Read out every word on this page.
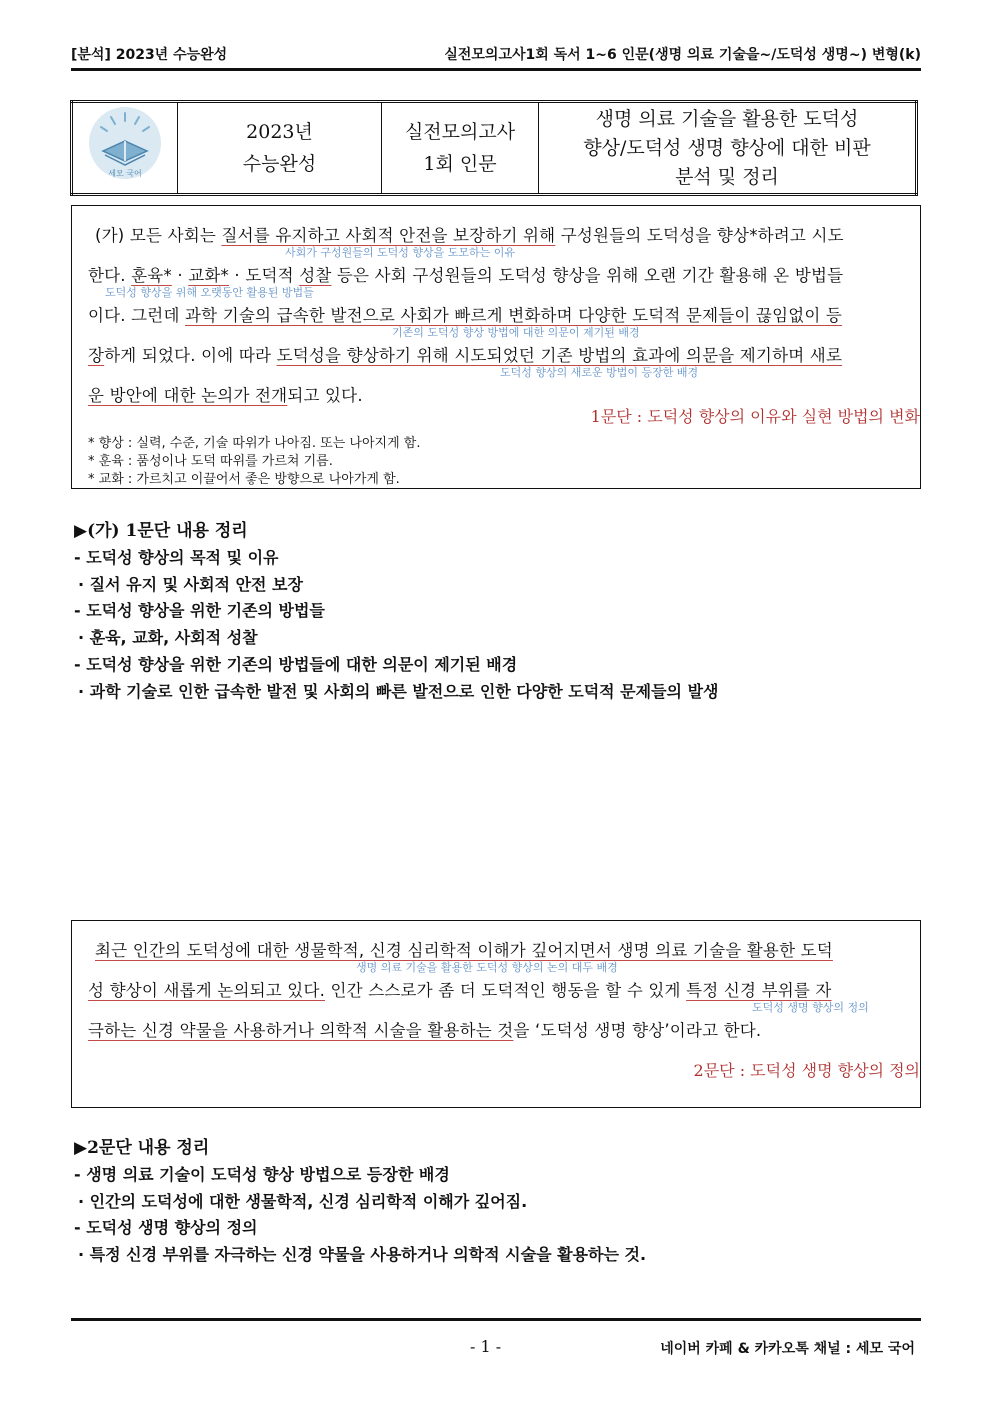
[분석] 2023년 수능완성	실전모의고사1회 독서 1~6 인문(생명 의료 기술을~/도덕성 생명~) 변형(k)
세모 국어

2023년
수능완성

실전모의고사
1회 인문

생명 의료 기술을 활용한 도덕성
향상/도덕성 생명 향상에 대한 비판
분석 및 정리
(가) 모든 사회는 질서를 유지하고 사회적 안전을 보장하기 위해 구성원들의 도덕성을 향상*하려고 시도
사회가 구성원들의 도덕성 향상을 도모하는 이유
한다. 훈육* · 교화* · 도덕적 성찰 등은 사회 구성원들의 도덕성 향상을 위해 오랜 기간 활용해 온 방법들
도덕성 향상을 위해 오랫동안 활용된 방법들
이다. 그런데 과학 기술의 급속한 발전으로 사회가 빠르게 변화하며 다양한 도덕적 문제들이 끊임없이 등
기존의 도덕성 향상 방법에 대한 의문이 제기된 배경
장하게 되었다. 이에 따라 도덕성을 향상하기 위해 시도되었던 기존 방법의 효과에 의문을 제기하며 새로
도덕성 향상의 새로운 방법이 등장한 배경
운 방안에 대한 논의가 전개되고 있다.
1문단 : 도덕성 향상의 이유와 실현 방법의 변화
* 향상 : 실력, 수준, 기술 따위가 나아짐. 또는 나아지게 함.
* 훈육 : 품성이나 도덕 따위를 가르쳐 기름.
* 교화 : 가르치고 이끌어서 좋은 방향으로 나아가게 함.
▶(가) 1문단 내용 정리
- 도덕성 향상의 목적 및 이유
· 질서 유지 및 사회적 안전 보장
- 도덕성 향상을 위한 기존의 방법들
· 훈육, 교화, 사회적 성찰
- 도덕성 향상을 위한 기존의 방법들에 대한 의문이 제기된 배경
· 과학 기술로 인한 급속한 발전 및 사회의 빠른 발전으로 인한 다양한 도덕적 문제들의 발생
최근 인간의 도덕성에 대한 생물학적, 신경 심리학적 이해가 깊어지면서 생명 의료 기술을 활용한 도덕
생명 의료 기술을 활용한 도덕성 향상의 논의 대두 배경
성 향상이 새롭게 논의되고 있다. 인간 스스로가 좀 더 도덕적인 행동을 할 수 있게 특정 신경 부위를 자
도덕성 생명 향상의 정의
극하는 신경 약물을 사용하거나 의학적 시술을 활용하는 것을 ‘도덕성 생명 향상’이라고 한다.
2문단 : 도덕성 생명 향상의 정의
▶2문단 내용 정리
- 생명 의료 기술이 도덕성 향상 방법으로 등장한 배경
· 인간의 도덕성에 대한 생물학적, 신경 심리학적 이해가 깊어짐.
- 도덕성 생명 향상의 정의
· 특정 신경 부위를 자극하는 신경 약물을 사용하거나 의학적 시술을 활용하는 것.
- 1 -	네이버 카페 & 카카오톡 채널 : 세모 국어
